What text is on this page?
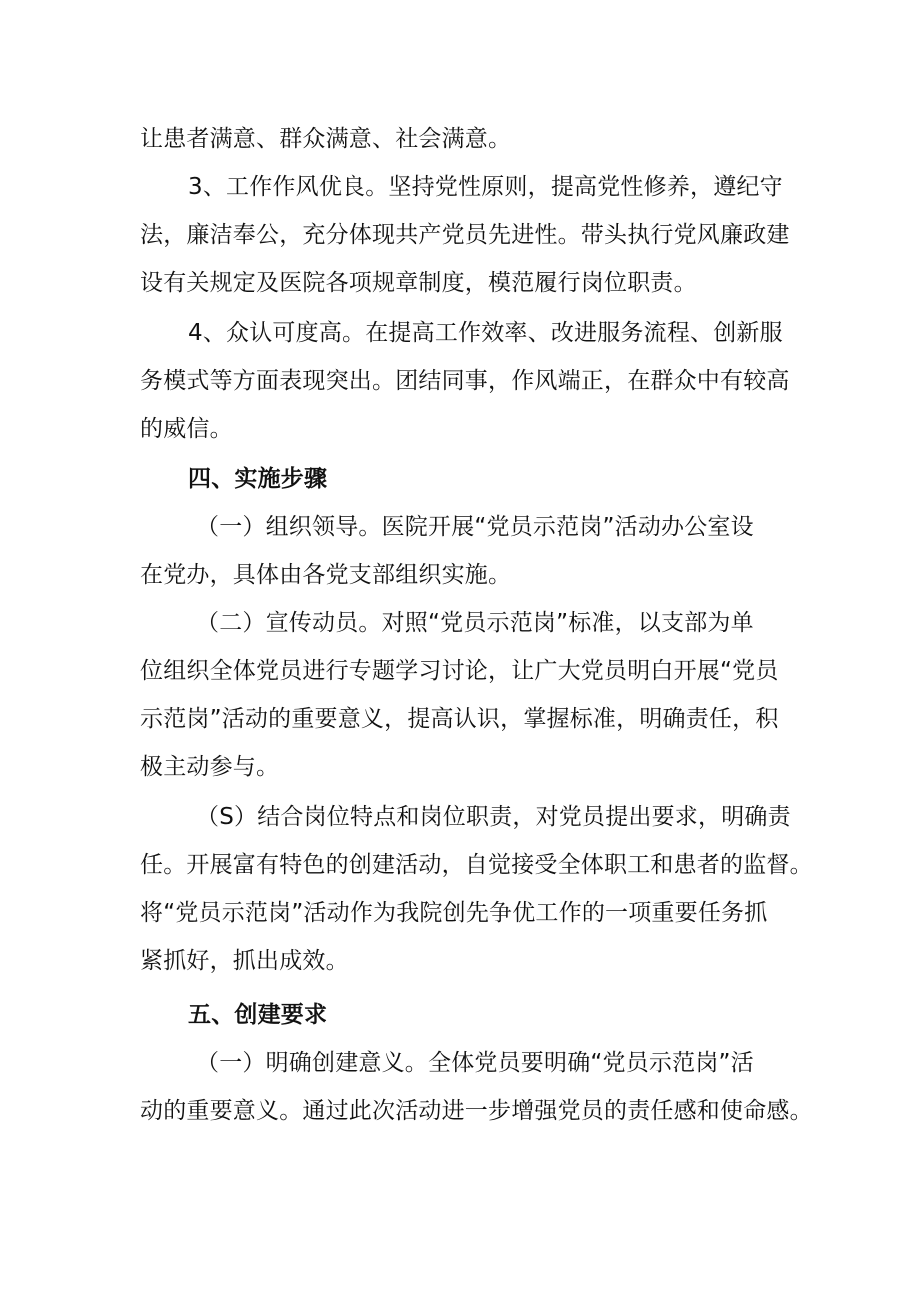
让患者满意、群众满意、社会满意。
3、工作作风优良。坚持党性原则，提高党性修养，遵纪守
法，廉洁奉公，充分体现共产党员先进性。带头执行党风廉政建
设有关规定及医院各项规章制度，模范履行岗位职责。
4、众认可度高。在提高工作效率、改进服务流程、创新服
务模式等方面表现突出。团结同事，作风端正，在群众中有较高
的威信。
四、实施步骤
（一）组织领导。医院开展“党员示范岗”活动办公室设
在党办，具体由各党支部组织实施。
（二）宣传动员。对照“党员示范岗”标准，以支部为单
位组织全体党员进行专题学习讨论，让广大党员明白开展“党员
示范岗”活动的重要意义，提高认识，掌握标准，明确责任，积
极主动参与。
（S）结合岗位特点和岗位职责，对党员提出要求，明确责
任。开展富有特色的创建活动，自觉接受全体职工和患者的监督。
将“党员示范岗”活动作为我院创先争优工作的一项重要任务抓
紧抓好，抓出成效。
五、创建要求
（一）明确创建意义。全体党员要明确“党员示范岗”活
动的重要意义。通过此次活动进一步增强党员的责任感和使命感。
